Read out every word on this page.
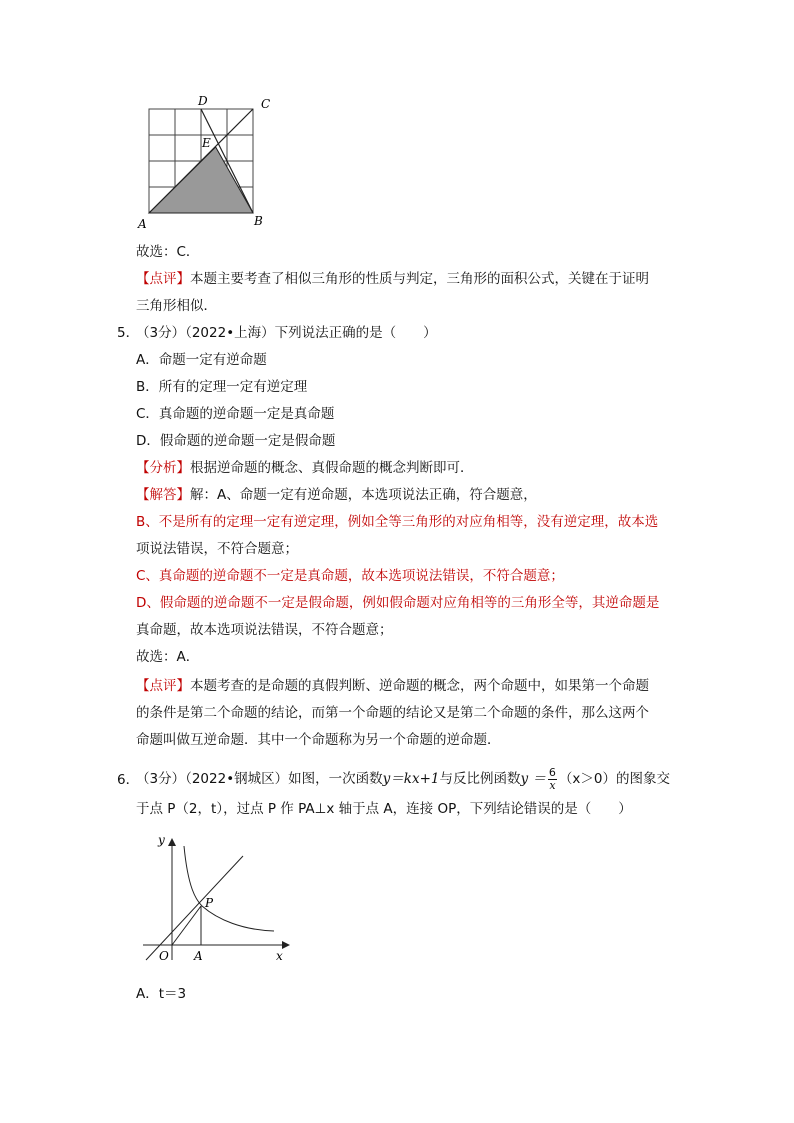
D	C
E
A	B
故选：C．
【点评】本题主要考查了相似三角形的性质与判定，三角形的面积公式，关键在于证明
三角形相似．
5．
（3分）（2022•上海）下列说法正确的是（　　）
A．命题一定有逆命题
B．所有的定理一定有逆定理
C．真命题的逆命题一定是真命题
D．假命题的逆命题一定是假命题
【分析】根据逆命题的概念、真假命题的概念判断即可．
【解答】解：A、命题一定有逆命题，本选项说法正确，符合题意，
B、不是所有的定理一定有逆定理，例如全等三角形的对应角相等，没有逆定理，故本选
项说法错误，不符合题意；
C、真命题的逆命题不一定是真命题，故本选项说法错误，不符合题意；
D、假命题的逆命题不一定是假命题，例如假命题对应角相等的三角形全等，其逆命题是
真命题，故本选项说法错误，不符合题意；
故选：A．
【点评】本题考查的是命题的真假判断、逆命题的概念，两个命题中，如果第一个命题
的条件是第二个命题的结论，而第一个命题的结论又是第二个命题的条件，那么这两个
命题叫做互逆命题．其中一个命题称为另一个命题的逆命题．
6．
（3分）（2022•钢城区）如图，一次函数y＝kx+1与反比例函数$y = \frac{6}{x} (x>0)$的图象交
于点 P（2，t），过点 P 作 PA⊥x 轴于点 A，连接 OP，下列结论错误的是（　　）
y
x
O A
P
A．t＝3
